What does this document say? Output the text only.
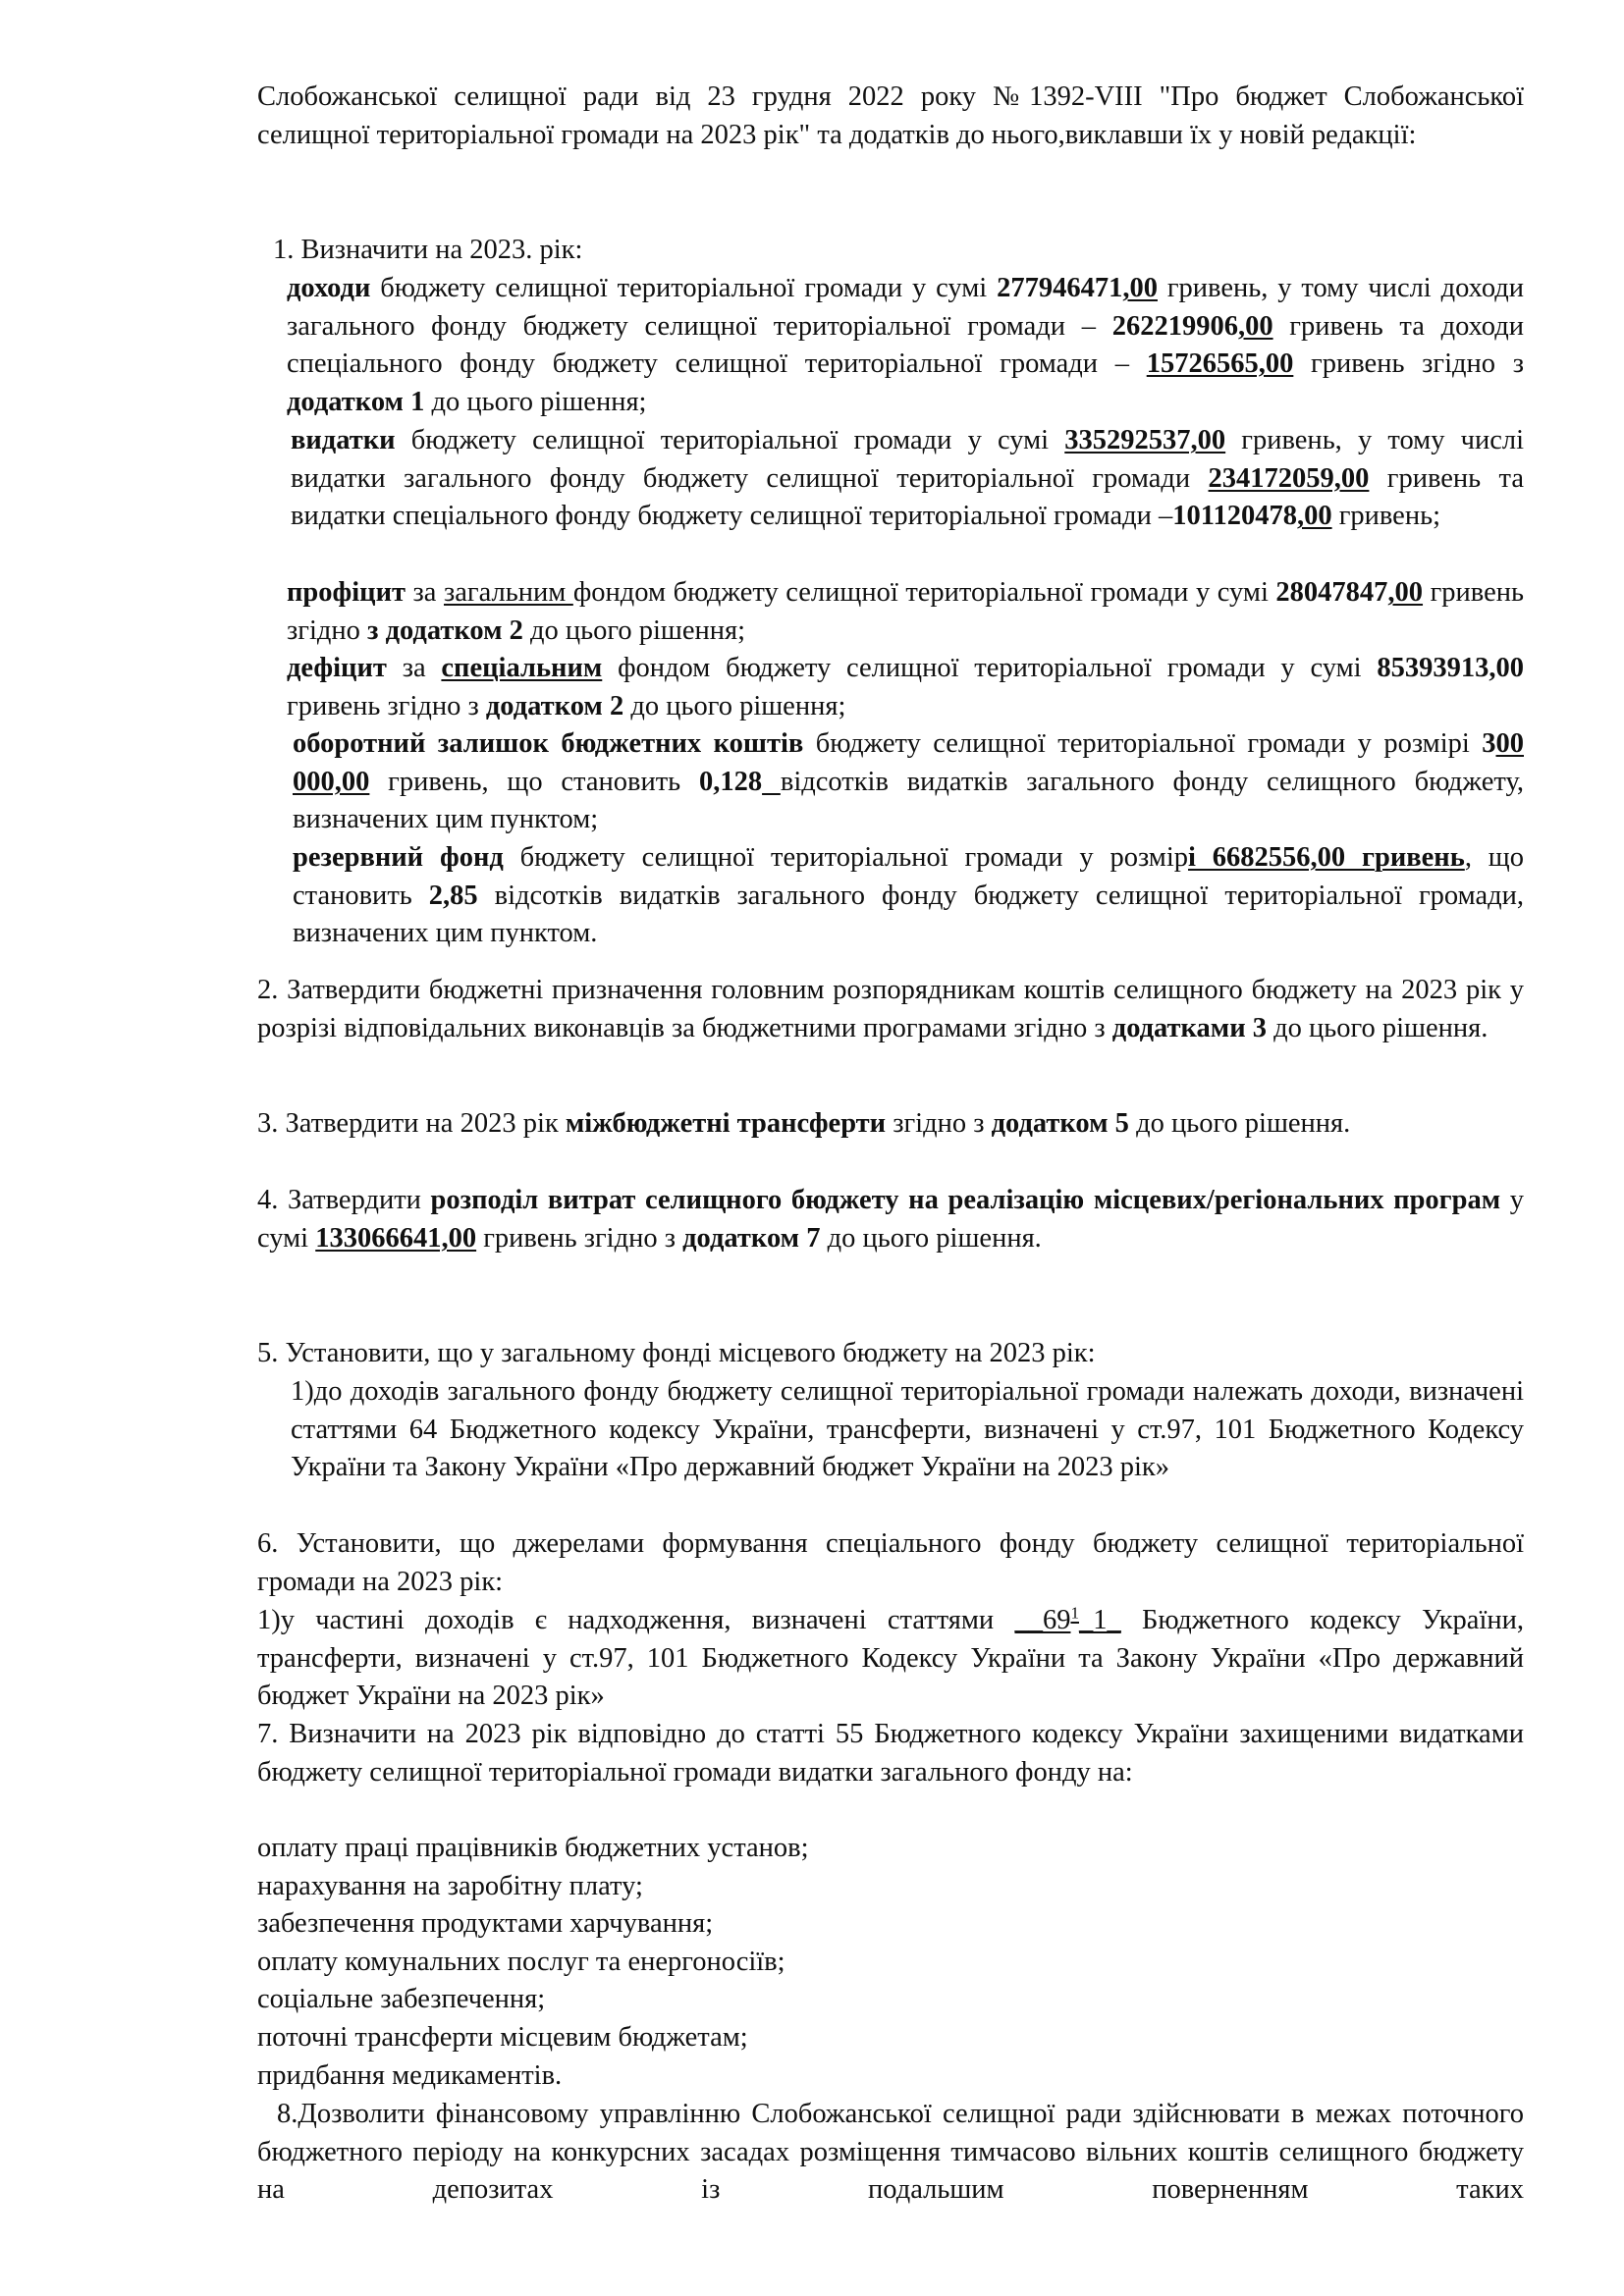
Слобожанської селищної ради від 23 грудня 2022 року №1392-VIII "Про бюджет Слобожанської селищної територіальної громади на 2023 рік" та додатків до нього,виклавши їх у новій редакції:

1. Визначити на 2023. рік:

доходи бюджету селищної територіальної громади у сумі 277946471,00 гривень, у тому числі доходи загального фонду бюджету селищної територіальної громади – 262219906,00 гривень та доходи спеціального фонду бюджету селищної територіальної громади – 15726565,00 гривень згідно з додатком 1 до цього рішення;

видатки бюджету селищної територіальної громади у сумі 335292537,00 гривень, у тому числі видатки загального фонду бюджету селищної територіальної громади 234172059,00 гривень та видатки спеціального фонду бюджету селищної територіальної громади –101120478,00 гривень;

профіцит за загальним фондом бюджету селищної територіальної громади у сумі 28047847,00 гривень згідно з додатком 2 до цього рішення;

дефіцит за спеціальним фондом бюджету селищної територіальної громади у сумі 85393913,00 гривень згідно з додатком 2 до цього рішення;

оборотний залишок бюджетних коштів бюджету селищної територіальної громади у розмірі 300 000,00 гривень, що становить 0,128 відсотків видатків загального фонду селищного бюджету, визначених цим пунктом;

резервний фонд бюджету селищної територіальної громади у розмірі 6682556,00 гривень, що становить 2,85 відсотків видатків загального фонду бюджету селищної територіальної громади, визначених цим пунктом.

2. Затвердити бюджетні призначення головним розпорядникам коштів селищного бюджету на 2023 рік у розрізі відповідальних виконавців за бюджетними програмами згідно з додатками 3 до цього рішення.

3. Затвердити на 2023 рік міжбюджетні трансферти згідно з додатком 5 до цього рішення.

4. Затвердити розподіл витрат селищного бюджету на реалізацію місцевих/регіональних програм у сумі 133066641,00 гривень згідно з додатком 7 до цього рішення.

5. Установити, що у загальному фонді місцевого бюджету на 2023 рік:

1)до доходів загального фонду бюджету селищної територіальної громади належать доходи, визначені статтями 64 Бюджетного кодексу України, трансферти, визначені у ст.97, 101 Бюджетного Кодексу України та Закону України «Про державний бюджет України на 2023 рік»

6. Установити, що джерелами формування спеціального фонду бюджету селищної територіальної громади на 2023 рік:

1)у частині доходів є надходження, визначені статтями $\_\_69^1\_1\_$ Бюджетного кодексу України, трансферти, визначені у ст.97, 101 Бюджетного Кодексу України та Закону України «Про державний бюджет України на 2023 рік»

7. Визначити на 2023 рік відповідно до статті 55 Бюджетного кодексу України захищеними видатками бюджету селищної територіальної громади видатки загального фонду на:

оплату праці працівників бюджетних установ;
нарахування на заробітну плату;
забезпечення продуктами харчування;
оплату комунальних послуг та енергоносіїв;
соціальне забезпечення;
поточні трансферти місцевим бюджетам;
придбання медикаментів.

8.Дозволити фінансовому управлінню Слобожанської селищної ради здійснювати в межах поточного бюджетного періоду на конкурсних засадах розміщення тимчасово вільних коштів селищного бюджету на депозитах із подальшим поверненням таких
